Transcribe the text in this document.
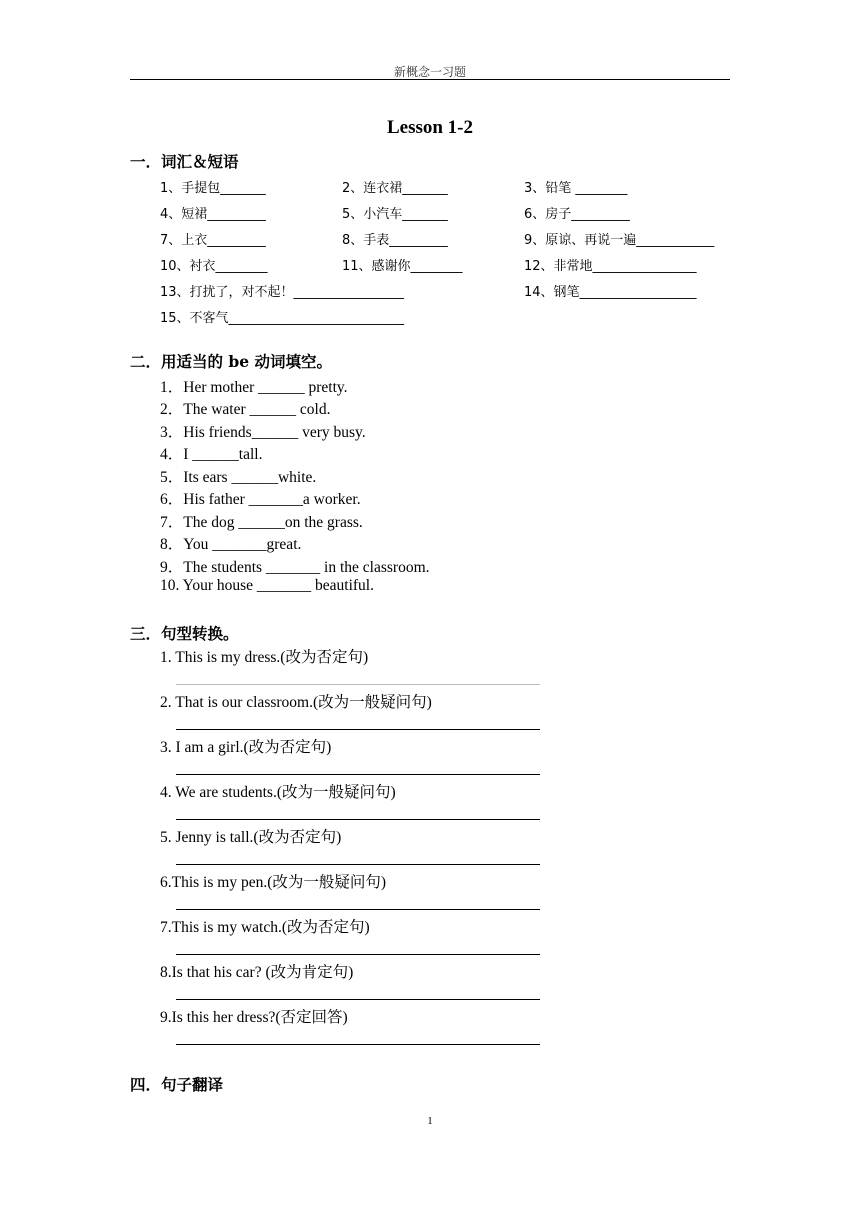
新概念一习题
Lesson 1-2
一．词汇＆短语
1、手提包_______	2、连衣裙_______	3、铅笔 ________
4、短裙_________	5、小汽车_______	6、房子_________
7、上衣_________	8、手表_________	9、原谅、再说一遍____________
10、衬衣________	11、感谢你________	12、非常地________________
13、打扰了，对不起！_________________	14、钢笔__________________
15、不客气___________________________
二．用适当的 be 动词填空。
1．Her mother ______ pretty.
2．The water ______ cold.
3．His friends______ very busy.
4．I ______tall.
5．Its ears ______white.
6．His father _______a worker.
7．The dog ______on the grass.
8．You _______great.
9．The students _______ in the classroom.
10. Your house _______ beautiful.
三．句型转换。
1. This is my dress.(改为否定句)
2. That is our classroom.(改为一般疑问句)
3. I am a girl.(改为否定句)
4. We are students.(改为一般疑问句)
5. Jenny is tall.(改为否定句)
6.This is my pen.(改为一般疑问句)
7.This is my watch.(改为否定句)
8.Is that his car? (改为肯定句)
9.Is this her dress?(否定回答)
四．句子翻译
1
